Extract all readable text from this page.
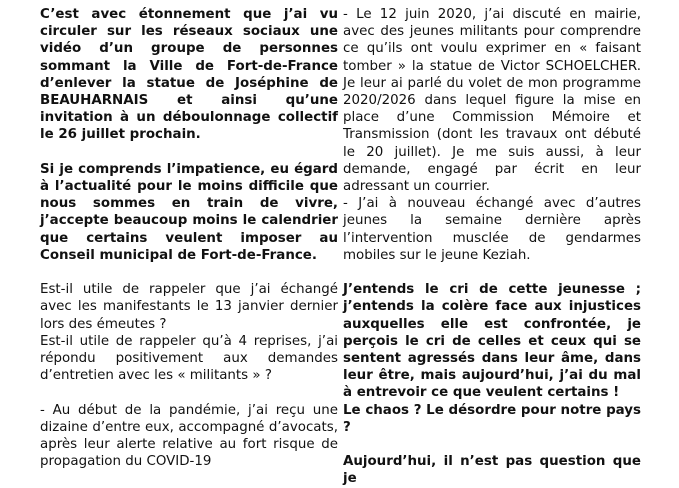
C’est avec étonnement que j’ai vu circuler sur les réseaux sociaux une vidéo d’un groupe de personnes sommant la Ville de Fort-de-France d’enlever la statue de Joséphine de BEAUHARNAIS et ainsi qu’une invitation à un déboulonnage collectif le 26 juillet prochain.

Si je comprends l’impatience, eu égard à l’actualité pour le moins difficile que nous sommes en train de vivre, j’accepte beaucoup moins le calendrier que certains veulent imposer au Conseil municipal de Fort-de-France.

Est-il utile de rappeler que j’ai échangé avec les manifestants le 13 janvier dernier lors des émeutes ?

Est-il utile de rappeler qu’à 4 reprises, j’ai répondu positivement aux demandes d’entretien avec les « militants » ?

- Au début de la pandémie, j’ai reçu une dizaine d’entre eux, accompagné d’avocats, après leur alerte relative au fort risque de propagation du COVID-19

- Le 12 juin 2020, j’ai discuté en mairie, avec des jeunes militants pour comprendre ce qu’ils ont voulu exprimer en « faisant tomber » la statue de Victor SCHOELCHER. Je leur ai parlé du volet de mon programme 2020/2026 dans lequel figure la mise en place d’une Commission Mémoire et Transmission (dont les travaux ont débuté le 20 juillet). Je me suis aussi, à leur demande, engagé par écrit en leur adressant un courrier.

- J’ai à nouveau échangé avec d’autres jeunes la semaine dernière après l’intervention musclée de gendarmes mobiles sur le jeune Keziah.

J’entends le cri de cette jeunesse ; j’entends la colère face aux injustices auxquelles elle est confrontée, je perçois le cri de celles et ceux qui se sentent agressés dans leur âme, dans leur être, mais aujourd’hui, j’ai du mal à entrevoir ce que veulent certains !

Le chaos ? Le désordre pour notre pays ?

Aujourd’hui, il n’est pas question que je
